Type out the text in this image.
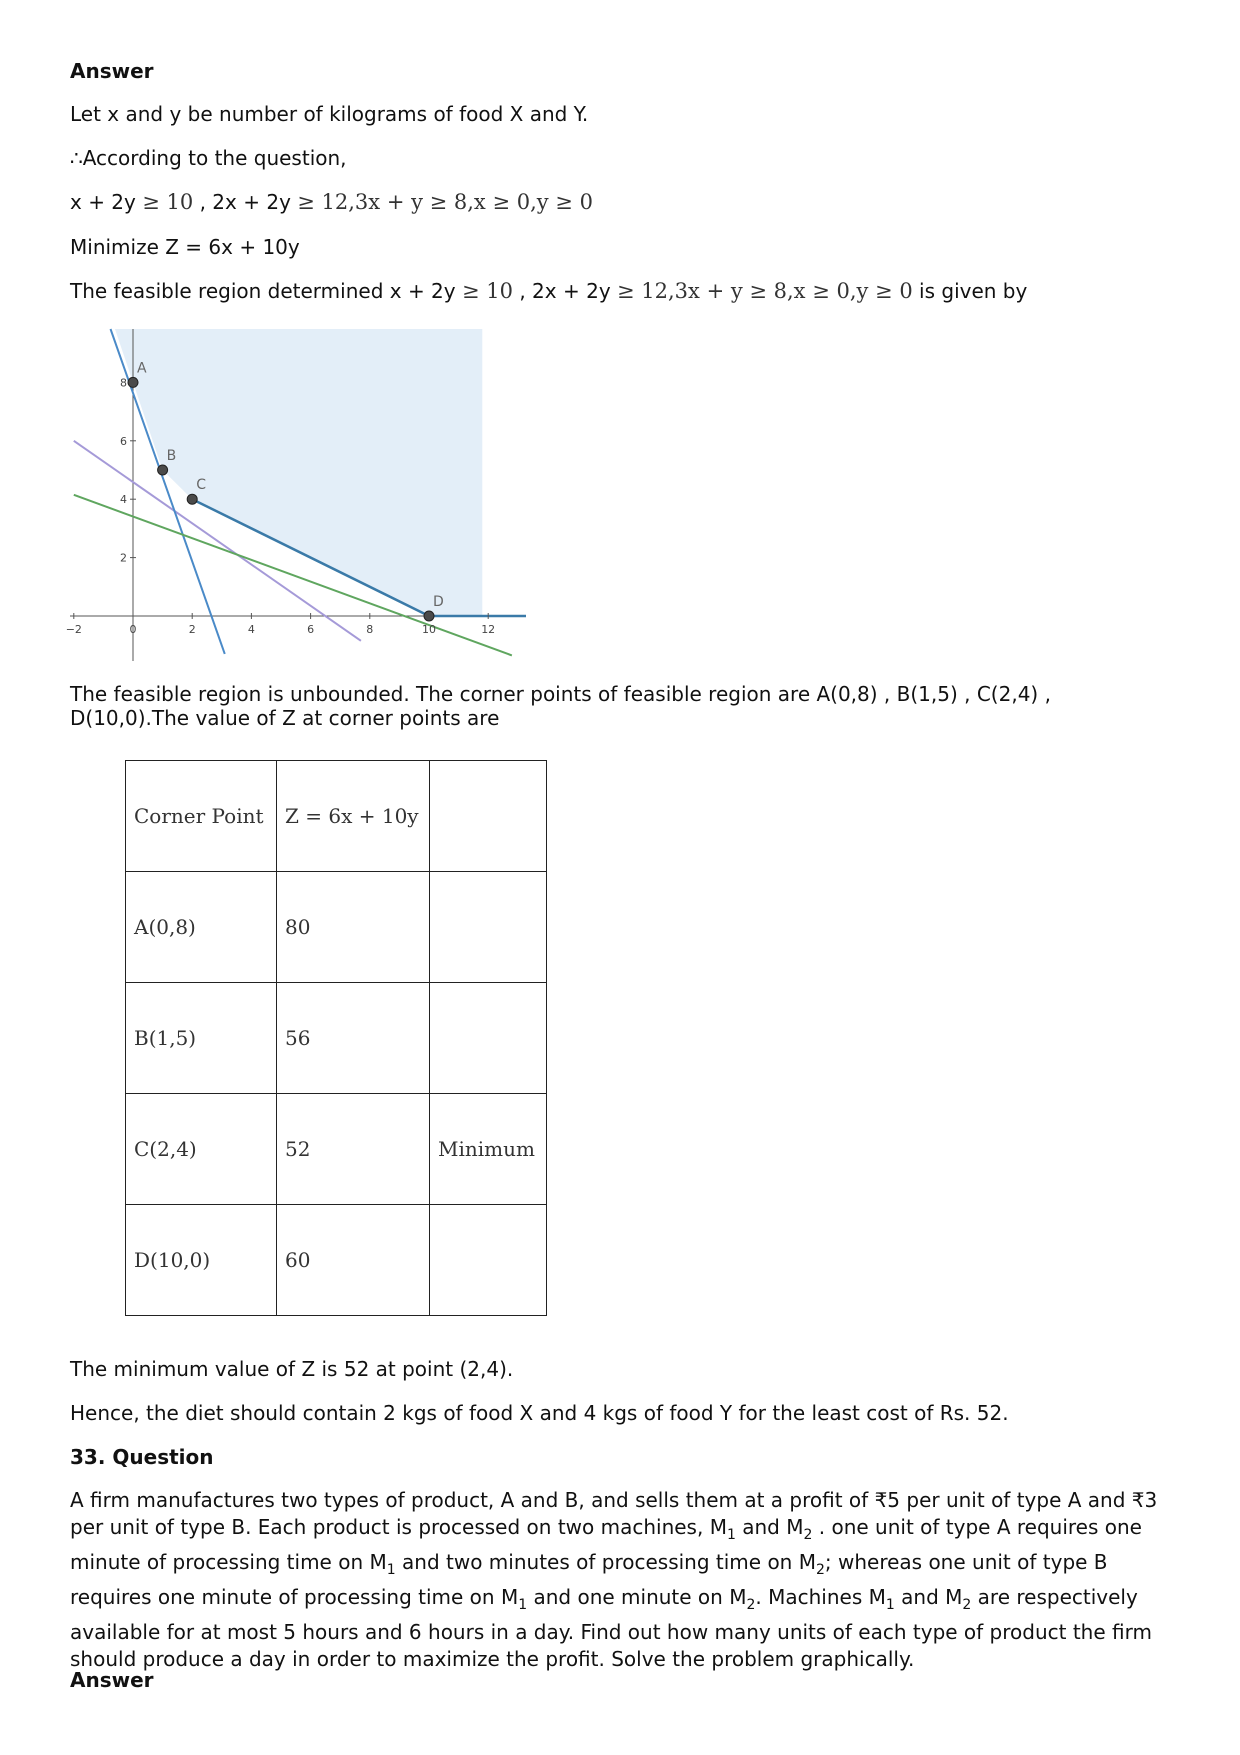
Answer

Let x and y be number of kilograms of food X and Y.

∴According to the question,

x + 2y ≥ 10 , 2x + 2y ≥ 12,3x + y ≥ 8,x ≥ 0,y ≥ 0

Minimize Z = 6x + 10y

The feasible region determined x + 2y ≥ 10 , 2x + 2y ≥ 12,3x + y ≥ 8,x ≥ 0,y ≥ 0 is given by

−2	0	2	4	6	8	10	12
2
4
6
8
A
B
C
D

The feasible region is unbounded. The corner points of feasible region are A(0,8) , B(1,5) , C(2,4) , D(10,0).The value of Z at corner points are

Corner Point	Z = 6x + 10y	
A(0,8)	80	
B(1,5)	56	
C(2,4)	52	Minimum
D(10,0)	60	

The minimum value of Z is 52 at point (2,4).

Hence, the diet should contain 2 kgs of food X and 4 kgs of food Y for the least cost of Rs. 52.

33. Question

A firm manufactures two types of product, A and B, and sells them at a profit of ₹5 per unit of type A and ₹3 per unit of type B. Each product is processed on two machines, $M_1$ and $M_2$ . one unit of type A requires one minute of processing time on $M_1$ and two minutes of processing time on $M_2$; whereas one unit of type B requires one minute of processing time on $M_1$ and one minute on $M_2$. Machines $M_1$ and $M_2$ are respectively available for at most 5 hours and 6 hours in a day. Find out how many units of each type of product the firm should produce a day in order to maximize the profit. Solve the problem graphically.

Answer
